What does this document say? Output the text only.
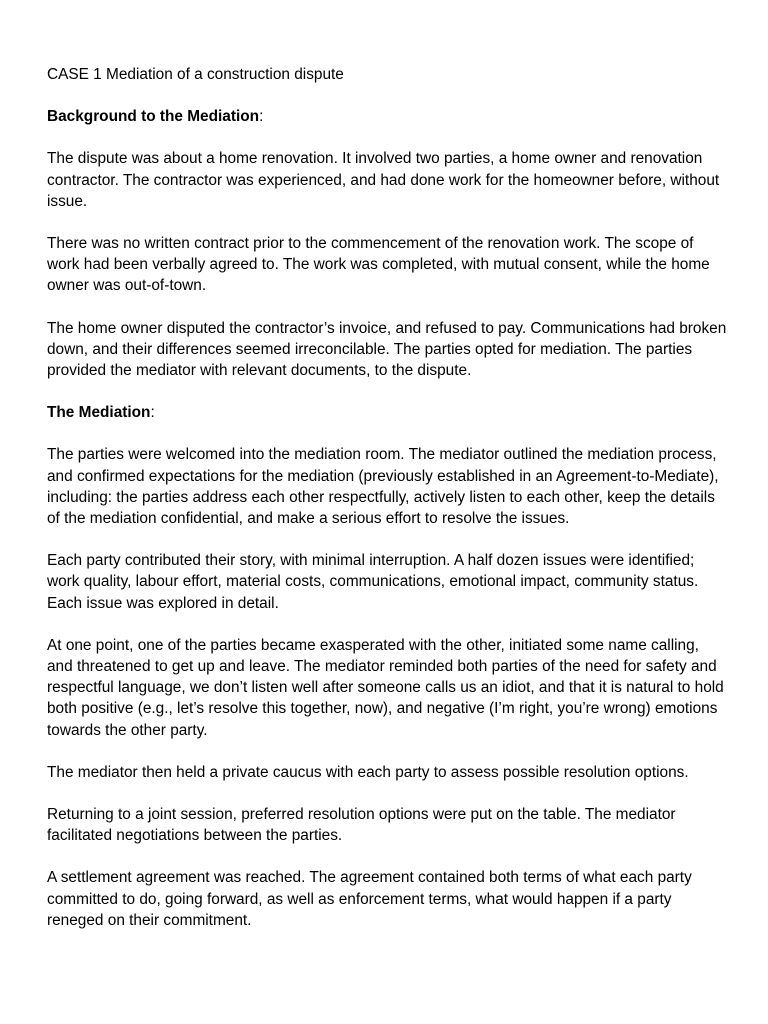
CASE 1 Mediation of a construction dispute
Background to the Mediation:

The dispute was about a home renovation. It involved two parties, a home owner and renovation contractor. The contractor was experienced, and had done work for the homeowner before, without issue.

There was no written contract prior to the commencement of the renovation work. The scope of work had been verbally agreed to. The work was completed, with mutual consent, while the home owner was out-of-town.

The home owner disputed the contractor’s invoice, and refused to pay. Communications had broken down, and their differences seemed irreconcilable. The parties opted for mediation. The parties provided the mediator with relevant documents, to the dispute.

The Mediation:

The parties were welcomed into the mediation room. The mediator outlined the mediation process, and confirmed expectations for the mediation (previously established in an Agreement-to-Mediate), including: the parties address each other respectfully, actively listen to each other, keep the details of the mediation confidential, and make a serious effort to resolve the issues.

Each party contributed their story, with minimal interruption. A half dozen issues were identified; work quality, labour effort, material costs, communications, emotional impact, community status. Each issue was explored in detail.

At one point, one of the parties became exasperated with the other, initiated some name calling, and threatened to get up and leave. The mediator reminded both parties of the need for safety and respectful language, we don’t listen well after someone calls us an idiot, and that it is natural to hold both positive (e.g., let’s resolve this together, now), and negative (I’m right, you’re wrong) emotions towards the other party.

The mediator then held a private caucus with each party to assess possible resolution options.

Returning to a joint session, preferred resolution options were put on the table. The mediator facilitated negotiations between the parties.

A settlement agreement was reached. The agreement contained both terms of what each party committed to do, going forward, as well as enforcement terms, what would happen if a party reneged on their commitment.
